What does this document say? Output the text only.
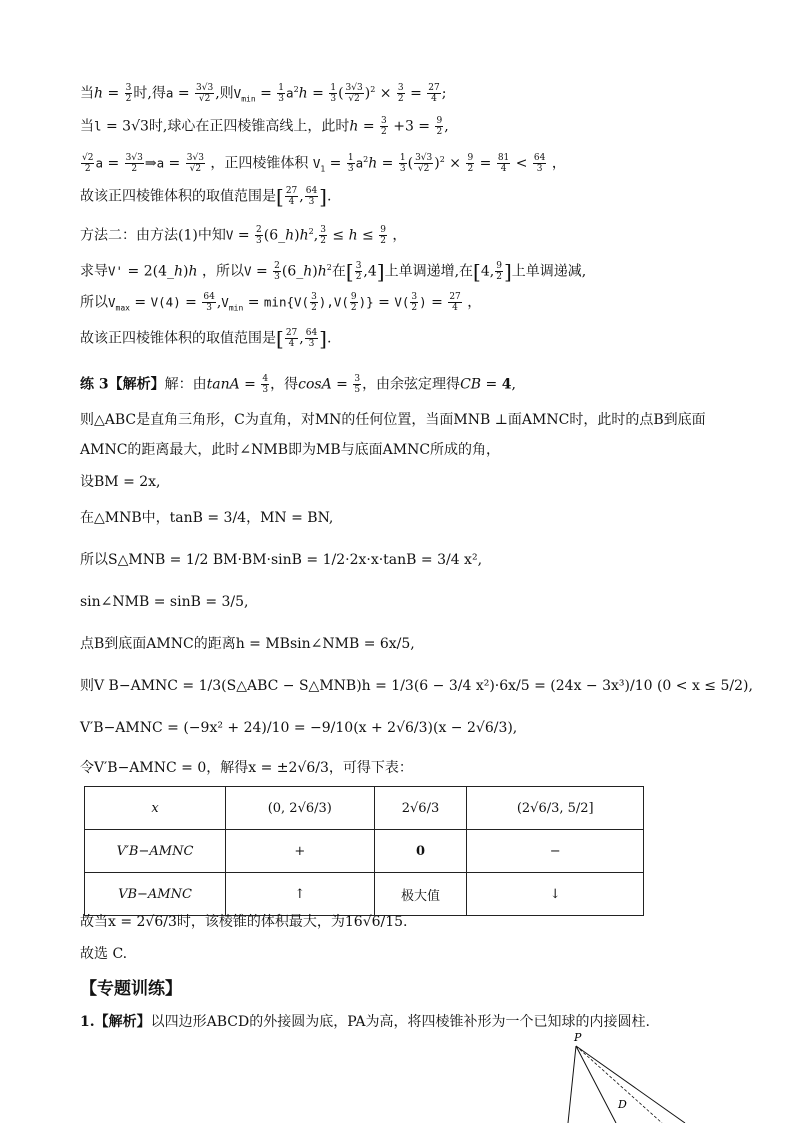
当$h = \frac{3}{2}$ 时,得$a = \frac{3√3}{√2}$ ,则$V_{min} = \frac{1}{3} a^2h = \frac{1}{3}$ ( $\frac{3√3}{√2} )^2 \times \frac{3}{2} = \frac{27}{4}$ ;
当l = 3√3时,球心在正四棱锥高线上，此时$h = \frac{3}{2} +3 = \frac{9}{2}$ ,
$\frac{√2}{2}$ $a = \frac{3√3}{2}$ ⇒a = $\frac{3√3}{√2}$ ，正四棱锥体积 $V_1 = \frac{1}{3} a^2h = \frac{1}{3}$ ( $\frac{3√3}{√2} )^2 \times \frac{9}{2} = \frac{81}{4} < \frac{64}{3}$ ，
故该正四棱锥体积的取值范围是[ $\frac{27}{4}$ , $\frac{64}{3}$ ].
方法二：由方法(1)中知$V = \frac{2}{3}$ $(6\_h)h^2$, $\frac{3}{2} \le h \le \frac{9}{2}$ ，
求导V' = 2(4_h)h ，所以$V = \frac{2}{3}$ $(6\_h)h^2$在[ $\frac{3}{2} ,4$]上单调递增,在[4, $\frac{9}{2}$ ]上单调递减,
所以$V_{max} = V(4) = \frac{64}{3} ,V_{min} = \min\{V( \frac{3}{2} ),V( \frac{9}{2}$ )} = $V( \frac{3}{2}$ ) = $\frac{27}{4}$ ，
故该正四棱锥体积的取值范围是[ $\frac{27}{4}$ , $\frac{64}{3}$ ].
练 3【解析】解：由$\tan A = \frac{4}{3}$ ，得$\cos A = \frac{3}{5}$ ，由余弦定理得CB = 4,
则△ABC是直角三角形，C为直角，对MN的任何位置，当面MNB ⊥面AMNC时，此时的点B到底面
AMNC的距离最大，此时∠NMB即为MB与底面AMNC所成的角，
设BM = 2x,
在△MNB中，tanB = 3/4，MN = BN,
所以S△MNB = 1/2 BM·BM·sinB = 1/2·2x·x·tanB = 3/4 x²,
sin∠NMB = sinB = 3/5,
点B到底面AMNC的距离h = MBsin∠NMB = 6x/5,
则V B−AMNC = 1/3(S△ABC − S△MNB)h = 1/3(6 − 3/4 x²)·6x/5 = (24x − 3x³)/10 (0 < x ≤ 5/2),
V′B−AMNC = (−9x² + 24)/10 = −9/10(x + 2√6/3)(x − 2√6/3),
令V′B−AMNC = 0，解得x = ±2√6/3，可得下表：
x	(0, 2√6/3)	2√6/3	(2√6/3, 5/2]
V′B−AMNC	+	0	−
VB−AMNC	↑	极大值	↓
故当x = 2√6/3时，该棱锥的体积最大，为16√6/15.
故选 C.
【专题训练】
1.【解析】以四边形ABCD的外接圆为底，PA为高，将四棱锥补形为一个已知球的内接圆柱.
P
D
